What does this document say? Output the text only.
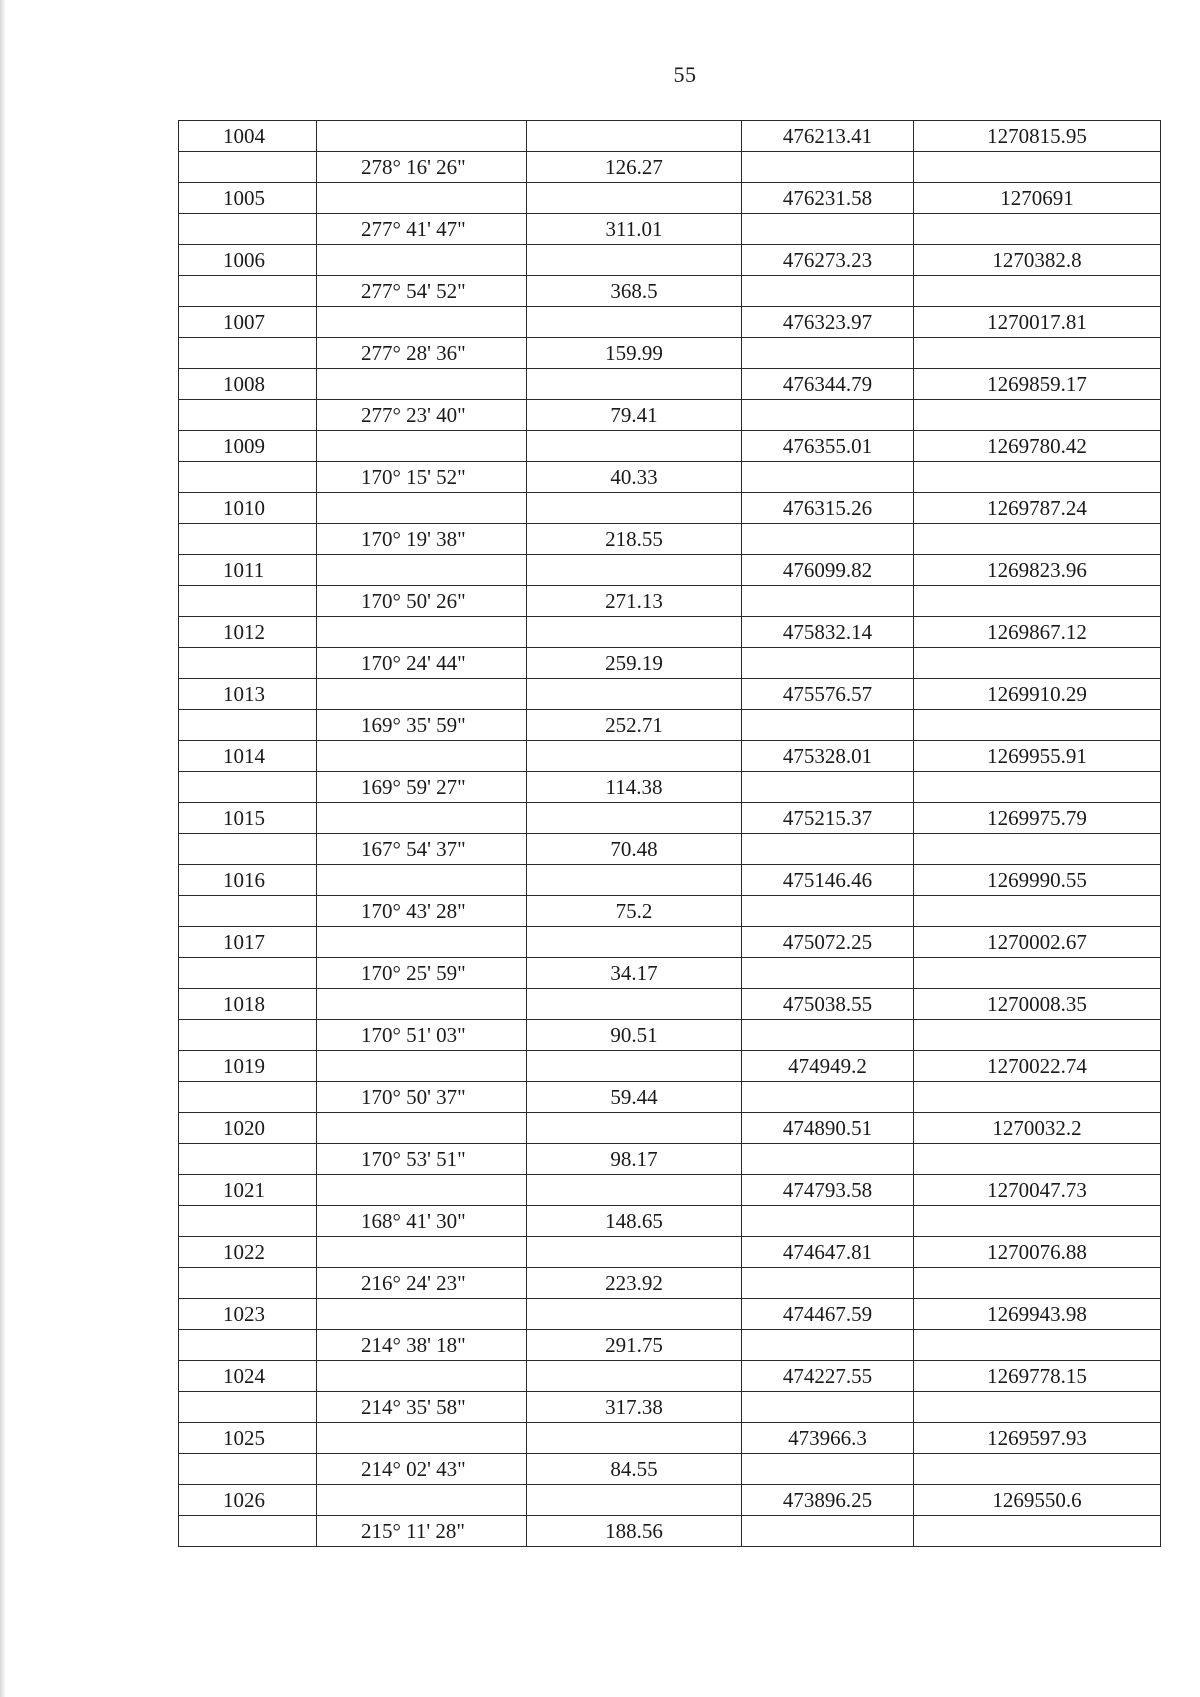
55
1004			476213.41	1270815.95
	278° 16' 26"	126.27		
1005			476231.58	1270691
	277° 41' 47"	311.01		
1006			476273.23	1270382.8
	277° 54' 52"	368.5		
1007			476323.97	1270017.81
	277° 28' 36"	159.99		
1008			476344.79	1269859.17
	277° 23' 40"	79.41		
1009			476355.01	1269780.42
	170° 15' 52"	40.33		
1010			476315.26	1269787.24
	170° 19' 38"	218.55		
1011			476099.82	1269823.96
	170° 50' 26"	271.13		
1012			475832.14	1269867.12
	170° 24' 44"	259.19		
1013			475576.57	1269910.29
	169° 35' 59"	252.71		
1014			475328.01	1269955.91
	169° 59' 27"	114.38		
1015			475215.37	1269975.79
	167° 54' 37"	70.48		
1016			475146.46	1269990.55
	170° 43' 28"	75.2		
1017			475072.25	1270002.67
	170° 25' 59"	34.17		
1018			475038.55	1270008.35
	170° 51' 03"	90.51		
1019			474949.2	1270022.74
	170° 50' 37"	59.44		
1020			474890.51	1270032.2
	170° 53' 51"	98.17		
1021			474793.58	1270047.73
	168° 41' 30"	148.65		
1022			474647.81	1270076.88
	216° 24' 23"	223.92		
1023			474467.59	1269943.98
	214° 38' 18"	291.75		
1024			474227.55	1269778.15
	214° 35' 58"	317.38		
1025			473966.3	1269597.93
	214° 02' 43"	84.55		
1026			473896.25	1269550.6
	215° 11' 28"	188.56		
